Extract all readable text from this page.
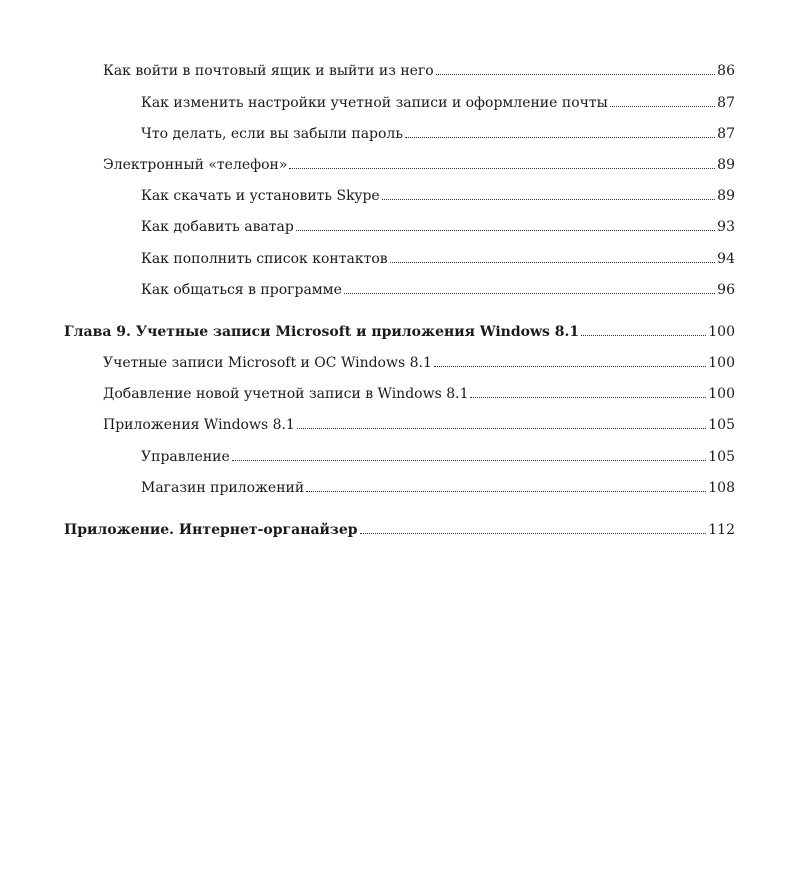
Как войти в почтовый ящик и выйти из него	86
Как изменить настройки учетной записи и оформление почты	87
Что делать, если вы забыли пароль	87
Электронный «телефон»	89
Как скачать и установить Skype	89
Как добавить аватар	93
Как пополнить список контактов	94
Как общаться в программе	96
Глава 9. Учетные записи Microsoft и приложения Windows 8.1	100
Учетные записи Microsoft и ОС Windows 8.1	100
Добавление новой учетной записи в Windows 8.1	100
Приложения Windows 8.1	105
Управление	105
Магазин приложений	108
Приложение. Интернет-органайзер	112
